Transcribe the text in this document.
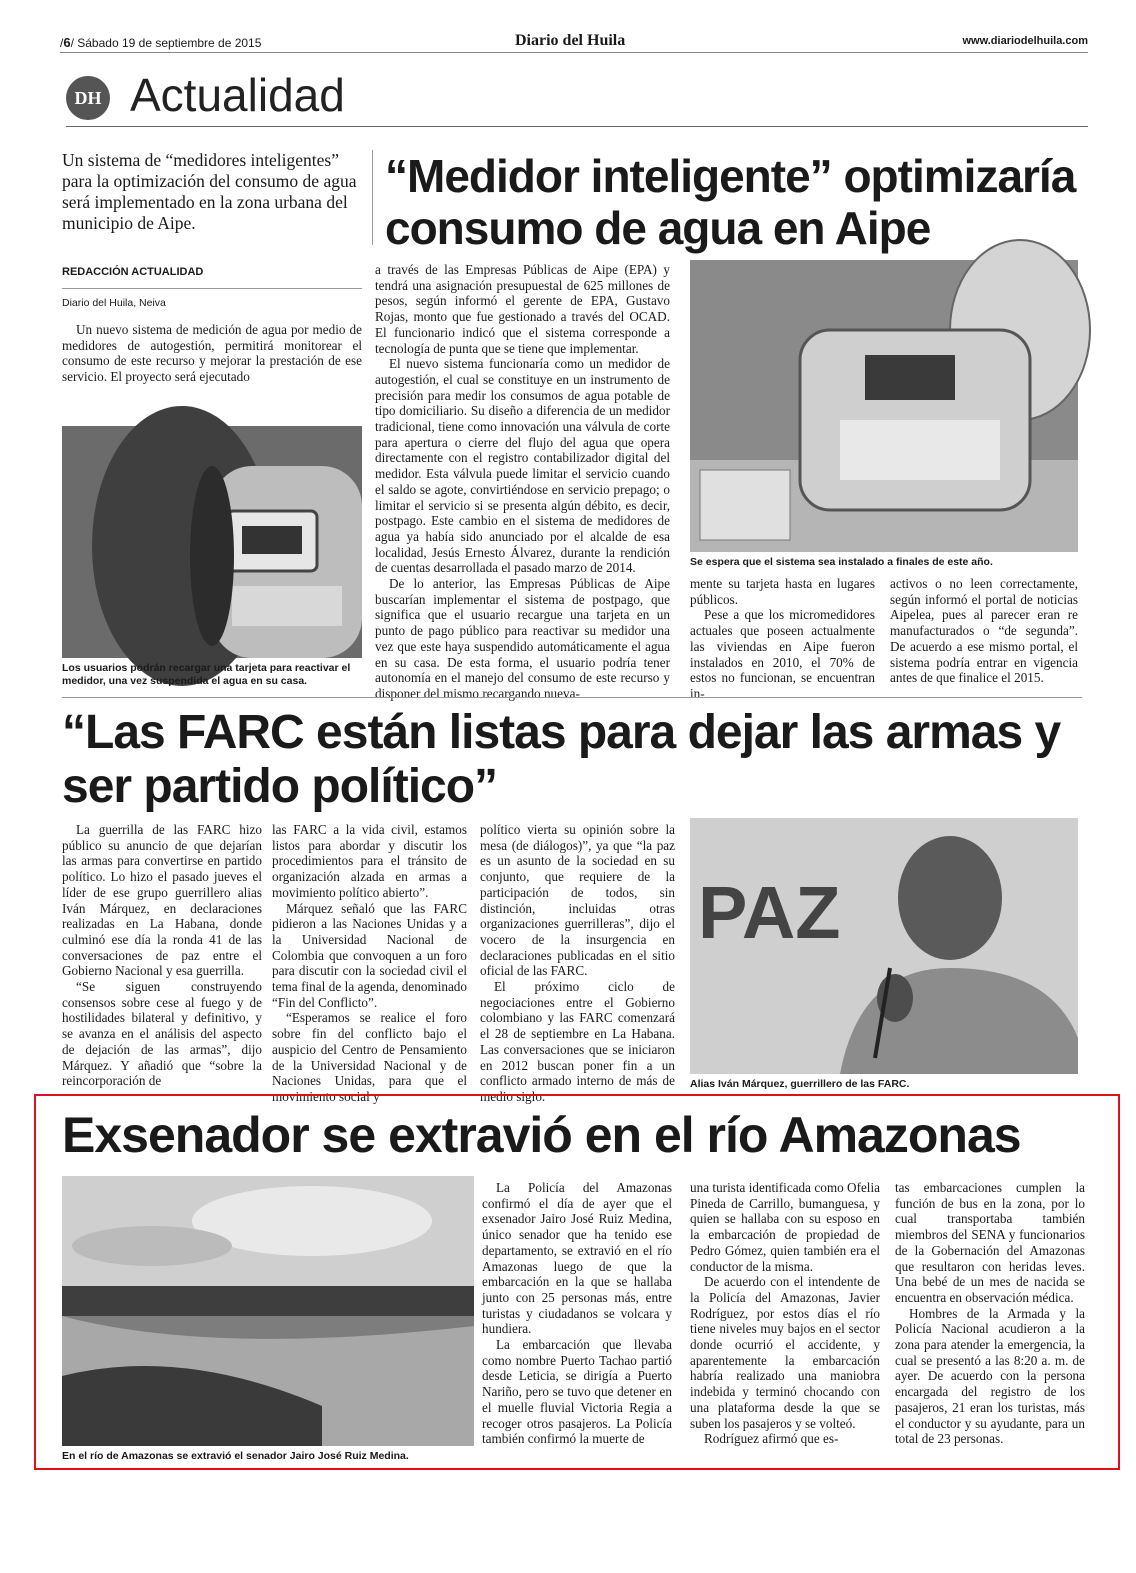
/6/ Sábado 19 de septiembre de 2015	Diario del Huila	www.diariodelhuila.com
DH Actualidad
Un sistema de “medidores inteligentes” para la optimización del consumo de agua será implementado en la zona urbana del municipio de Aipe.
“Medidor inteligente” optimizaría consumo de agua en Aipe
REDACCIÓN ACTUALIDAD
Diario del Huila, Neiva

Un nuevo sistema de medición de agua por medio de medidores de autogestión, permitirá monitorear el consumo de este recurso y mejorar la prestación de ese servicio. El proyecto será ejecutado

Los usuarios podrán recargar una tarjeta para reactivar el medidor, una vez suspendida el agua en su casa.

a través de las Empresas Públicas de Aipe (EPA) y tendrá una asignación presupuestal de 625 millones de pesos, según informó el gerente de EPA, Gustavo Rojas, monto que fue gestionado a través del OCAD. El funcionario indicó que el sistema corresponde a tecnología de punta que se tiene que implementar.

El nuevo sistema funcionaría como un medidor de autogestión, el cual se constituye en un instrumento de precisión para medir los consumos de agua potable de tipo domiciliario. Su diseño a diferencia de un medidor tradicional, tiene como innovación una válvula de corte para apertura o cierre del flujo del agua que opera directamente con el registro contabilizador digital del medidor. Esta válvula puede limitar el servicio cuando el saldo se agote, convirtiéndose en servicio prepago; o limitar el servicio si se presenta algún débito, es decir, postpago. Este cambio en el sistema de medidores de agua ya había sido anunciado por el alcalde de esa localidad, Jesús Ernesto Álvarez, durante la rendición de cuentas desarrollada el pasado marzo de 2014.

De lo anterior, las Empresas Públicas de Aipe buscarían implementar el sistema de postpago, que significa que el usuario recargue una tarjeta en un punto de pago público para reactivar su medidor una vez que este haya suspendido automáticamente el agua en su casa. De esta forma, el usuario podría tener autonomía en el manejo del consumo de este recurso y disponer del mismo recargando nueva-

Se espera que el sistema sea instalado a finales de este año.

mente su tarjeta hasta en lugares públicos.

Pese a que los micromedidores actuales que poseen actualmente las viviendas en Aipe fueron instalados en 2010, el 70% de estos no funcionan, se encuentran in-

activos o no leen correctamente, según informó el portal de noticias Aipelea, pues al parecer eran re manufacturados o “de segunda”. De acuerdo a ese mismo portal, el sistema podría entrar en vigencia antes de que finalice el 2015.

“Las FARC están listas para dejar las armas y ser partido político”

La guerrilla de las FARC hizo público su anuncio de que dejarían las armas para convertirse en partido político. Lo hizo el pasado jueves el líder de ese grupo guerrillero alias Iván Márquez, en declaraciones realizadas en La Habana, donde culminó ese día la ronda 41 de las conversaciones de paz entre el Gobierno Nacional y esa guerrilla.

“Se siguen construyendo consensos sobre cese al fuego y de hostilidades bilateral y definitivo, y se avanza en el análisis del aspecto de dejación de las armas”, dijo Márquez. Y añadió que “sobre la reincorporación de

las FARC a la vida civil, estamos listos para abordar y discutir los procedimientos para el tránsito de organización alzada en armas a movimiento político abierto”.

Márquez señaló que las FARC pidieron a las Naciones Unidas y a la Universidad Nacional de Colombia que convoquen a un foro para discutir con la sociedad civil el tema final de la agenda, denominado “Fin del Conflicto”.

“Esperamos se realice el foro sobre fin del conflicto bajo el auspicio del Centro de Pensamiento de la Universidad Nacional y de Naciones Unidas, para que el movimiento social y

político vierta su opinión sobre la mesa (de diálogos)”, ya que “la paz es un asunto de la sociedad en su conjunto, que requiere de la participación de todos, sin distinción, incluidas otras organizaciones guerrilleras”, dijo el vocero de la insurgencia en declaraciones publicadas en el sitio oficial de las FARC.

El próximo ciclo de negociaciones entre el Gobierno colombiano y las FARC comenzará el 28 de septiembre en La Habana. Las conversaciones que se iniciaron en 2012 buscan poner fin a un conflicto armado interno de más de medio siglo.

PAZ
Alias Iván Márquez, guerrillero de las FARC.
Exsenador se extravió en el río Amazonas
En el río de Amazonas se extravió el senador Jairo José Ruiz Medina.

La Policía del Amazonas confirmó el día de ayer que el exsenador Jairo José Ruiz Medina, único senador que ha tenido ese departamento, se extravió en el río Amazonas luego de que la embarcación en la que se hallaba junto con 25 personas más, entre turistas y ciudadanos se volcara y hundiera.

La embarcación que llevaba como nombre Puerto Tachao partió desde Leticia, se dirigía a Puerto Nariño, pero se tuvo que detener en el muelle fluvial Victoria Regia a recoger otros pasajeros. La Policía también confirmó la muerte de

una turista identificada como Ofelia Pineda de Carrillo, bumanguesa, y quien se hallaba con su esposo en la embarcación de propiedad de Pedro Gómez, quien también era el conductor de la misma.

De acuerdo con el intendente de la Policía del Amazonas, Javier Rodríguez, por estos días el río tiene niveles muy bajos en el sector donde ocurrió el accidente, y aparentemente la embarcación habría realizado una maniobra indebida y terminó chocando con una plataforma desde la que se suben los pasajeros y se volteó.

Rodríguez afirmó que es-

tas embarcaciones cumplen la función de bus en la zona, por lo cual transportaba también miembros del SENA y funcionarios de la Gobernación del Amazonas que resultaron con heridas leves. Una bebé de un mes de nacida se encuentra en observación médica.

Hombres de la Armada y la Policía Nacional acudieron a la zona para atender la emergencia, la cual se presentó a las 8:20 a. m. de ayer. De acuerdo con la persona encargada del registro de los pasajeros, 21 eran los turistas, más el conductor y su ayudante, para un total de 23 personas.
